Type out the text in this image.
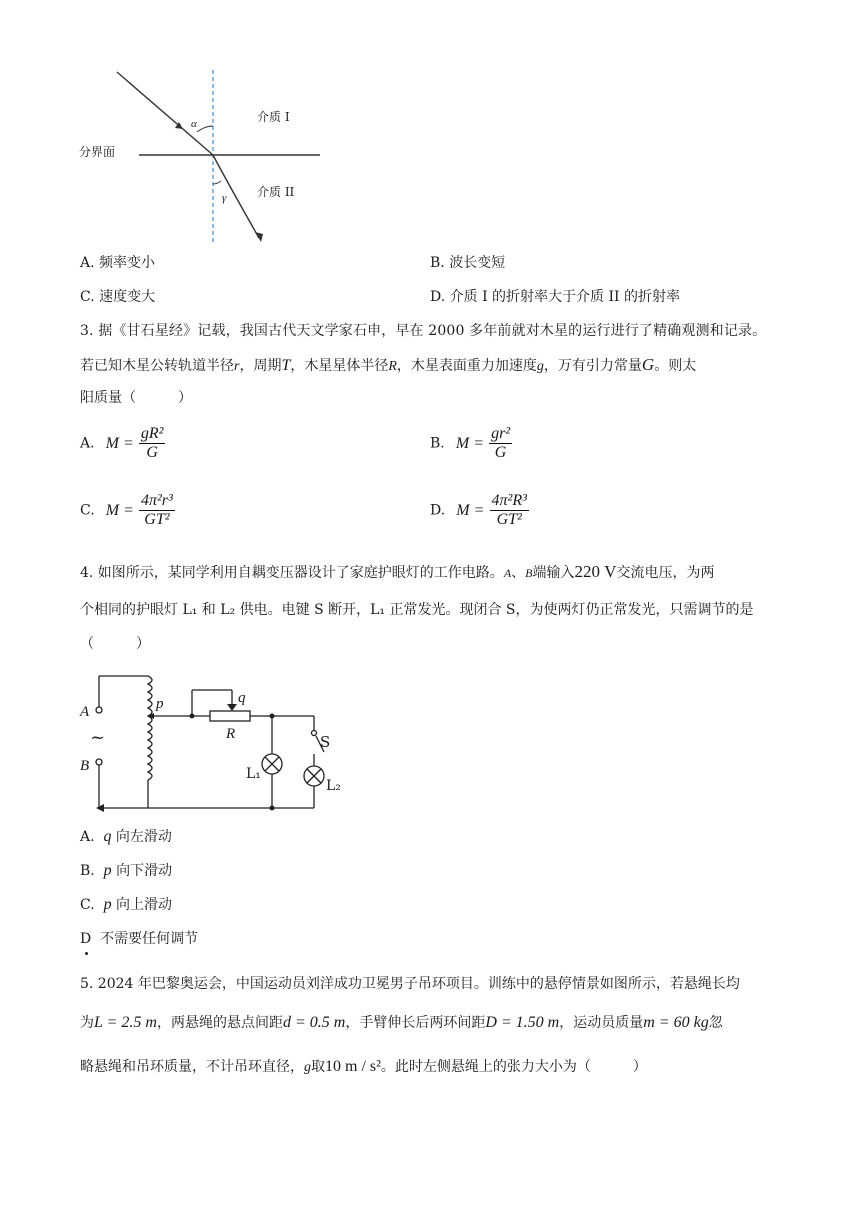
介质 I
介质 II
分界面
α
γ
A. 频率变小	B. 波长变短
C. 速度变大	D. 介质 I 的折射率大于介质 II 的折射率
3. 据《甘石星经》记载，我国古代天文学家石申，早在 2000 多年前就对木星的运行进行了精确观测和记录。
若已知木星公转轨道半径r，周期T，木星星体半径R，木星表面重力加速度g，万有引力常量G。则太
阳质量（　　　）
A. $M = \frac{\text{gR²}}{G}$	B. $M = \frac{\text{gr²}}{G}$
C. $M = \frac{\text{4π²r³}}{\text{GT²}}$	D. $M = \frac{\text{4π²R³}}{\text{GT²}}$
4. 如图所示，某同学利用自耦变压器设计了家庭护眼灯的工作电路。A、B端输入220 V交流电压，为两
个相同的护眼灯 L₁ 和 L₂ 供电。电键 S 断开，L₁ 正常发光。现闭合 S，为使两灯仍正常发光，只需调节的是
（　　　）
A
~
B
p	q
R	S
L₁
L₂
A. q 向左滑动
B. p 向下滑动
C. p 向上滑动
D 不需要任何调节
5. 2024 年巴黎奥运会，中国运动员刘洋成功卫冕男子吊环项目。训练中的悬停情景如图所示，若悬绳长均
为L = 2.5 m，两悬绳的悬点间距d = 0.5 m，手臂伸长后两环间距D = 1.50 m，运动员质量m = 60 kg忽
略悬绳和吊环质量，不计吊环直径，g取10 m / s²。此时左侧悬绳上的张力大小为（　　　）
